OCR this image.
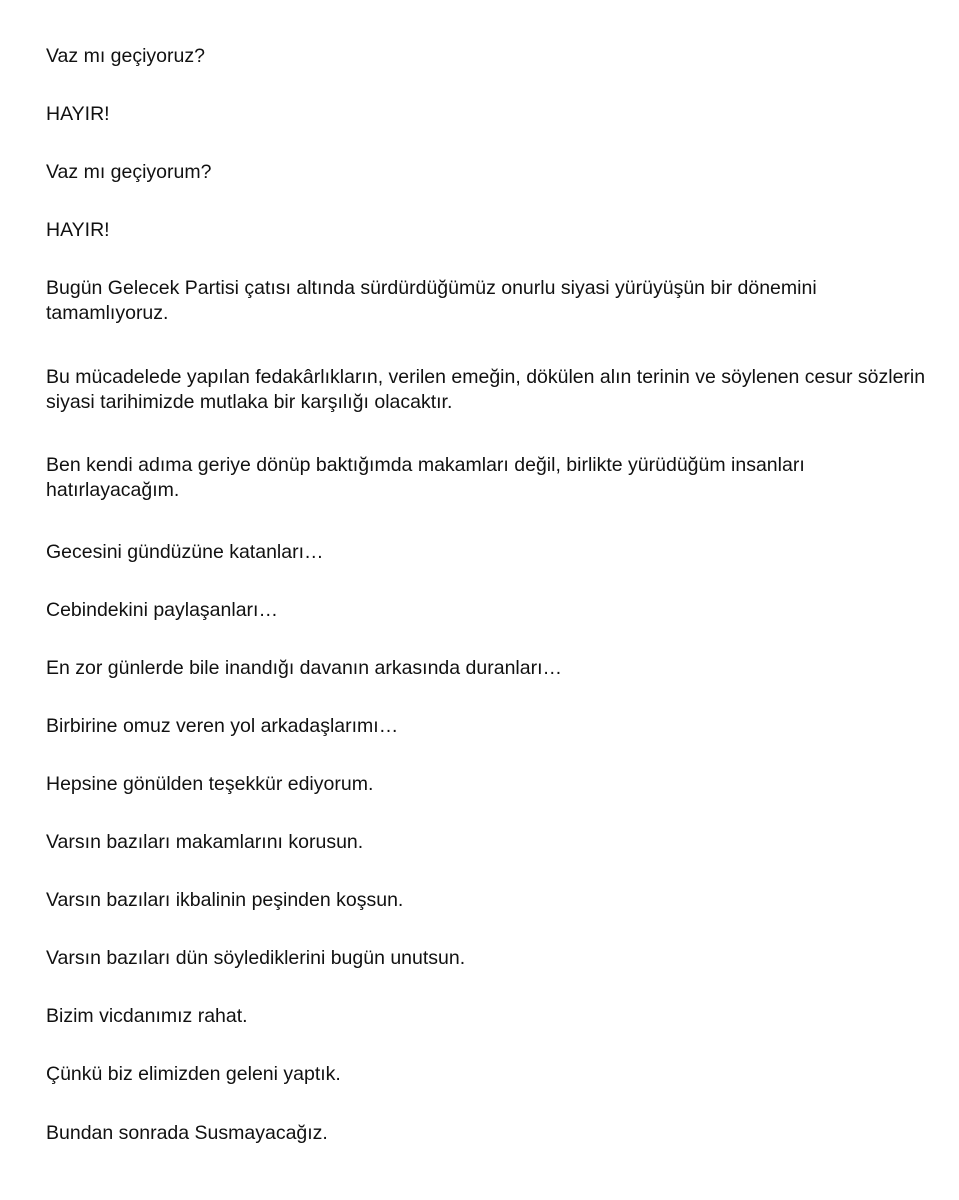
Vaz mı geçiyoruz?

HAYIR!

Vaz mı geçiyorum?

HAYIR!

Bugün Gelecek Partisi çatısı altında sürdürdüğümüz onurlu siyasi yürüyüşün bir dönemini tamamlıyoruz.

Bu mücadelede yapılan fedakârlıkların, verilen emeğin, dökülen alın terinin ve söylenen cesur sözlerin siyasi tarihimizde mutlaka bir karşılığı olacaktır.

Ben kendi adıma geriye dönüp baktığımda makamları değil, birlikte yürüdüğüm insanları hatırlayacağım.

Gecesini gündüzüne katanları…

Cebindekini paylaşanları…

En zor günlerde bile inandığı davanın arkasında duranları…

Birbirine omuz veren yol arkadaşlarımı…

Hepsine gönülden teşekkür ediyorum.

Varsın bazıları makamlarını korusun.

Varsın bazıları ikbalinin peşinden koşsun.

Varsın bazıları dün söylediklerini bugün unutsun.

Bizim vicdanımız rahat.

Çünkü biz elimizden geleni yaptık.

Bundan sonrada Susmayacağız.
